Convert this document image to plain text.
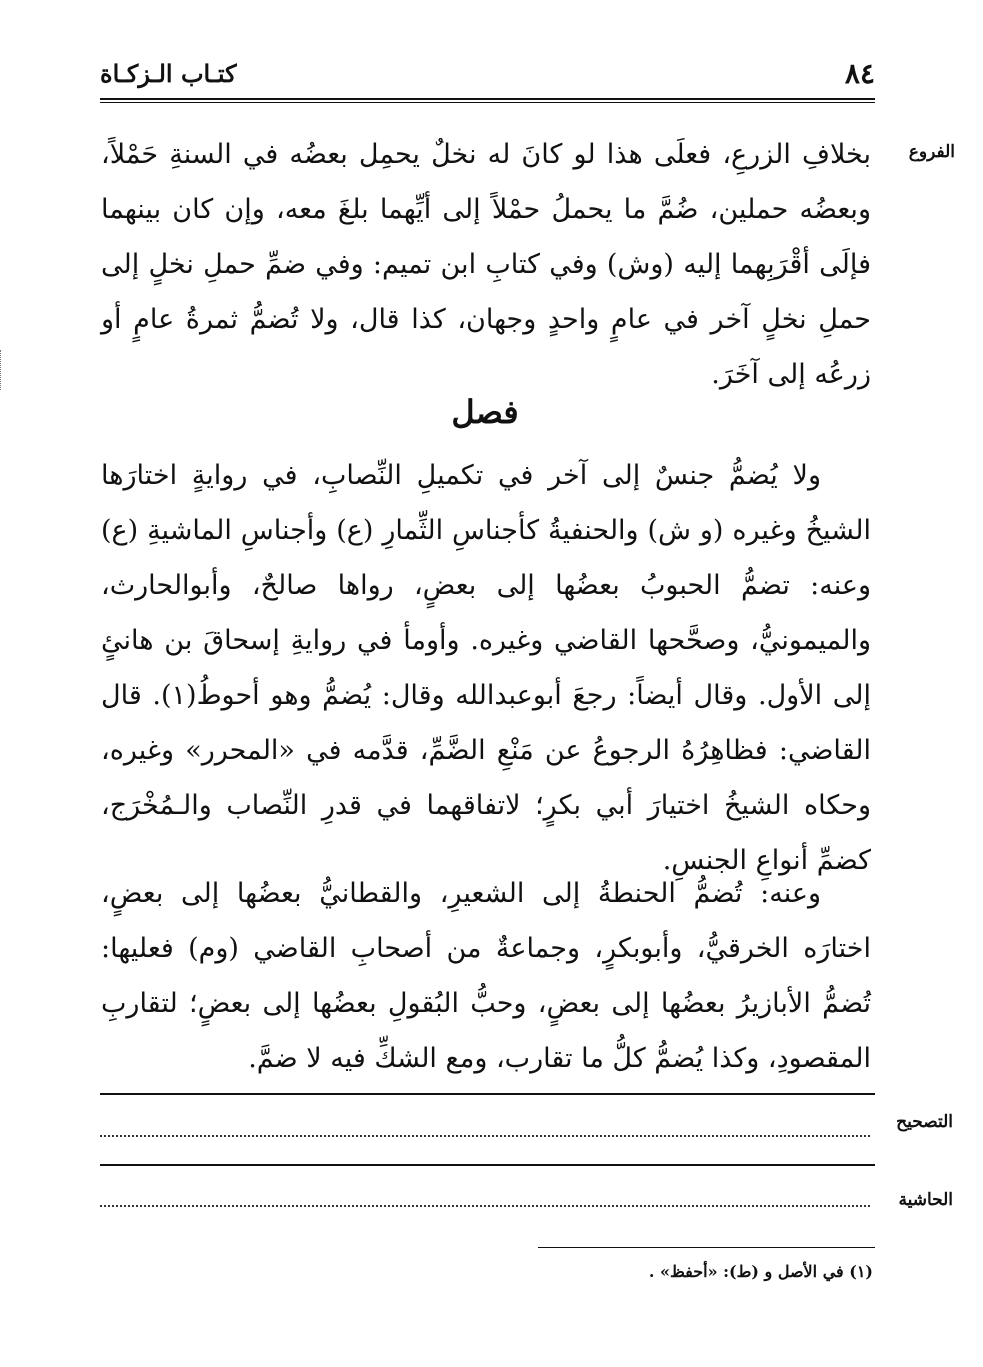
٨٤
كتـاب الـزكـاة
الفروع
بخلافِ الزرعِ، فعلَى هذا لو كانَ له نخلٌ يحمِل بعضُه في السنةِ حَمْلاً، وبعضُه حملين، ضُمَّ ما يحملُ حمْلاً إلى أيِّهما بلغَ معه، وإن كان بينهما فإلَى أقْرَبِهما إليه (وش) وفي كتابِ ابن تميم: وفي ضمِّ حملِ نخلٍ إلى حملِ نخلٍ آخر في عامٍ واحدٍ وجهان، كذا قال، ولا تُضمُّ ثمرةُ عامٍ أو زرعُه إلى آخَرَ.
فصل
ولا يُضمُّ جنسٌ إلى آخر في تكميلِ النِّصابِ، في روايةٍ اختارَها الشيخُ وغيره (و ش) والحنفيةُ كأجناسِ الثِّمارِ (ع) وأجناسِ الماشيةِ (ع) وعنه: تضمُّ الحبوبُ بعضُها إلى بعضٍ، رواها صالحٌ، وأبوالحارث، والميمونيُّ، وصحَّحها القاضي وغيره. وأومأ في روايةِ إسحاقَ بن هانئٍ إلى الأول. وقال أيضاً: رجعَ أبوعبدالله وقال: يُضمُّ وهو أحوطُ(١). قال القاضي: فظاهِرُهُ الرجوعُ عن مَنْعِ الضَّمِّ، قدَّمه في «المحرر» وغيره، وحكاه الشيخُ اختيارَ أبي بكرٍ؛ لاتفاقهما في قدرِ النِّصاب والـمُخْرَج، كضمِّ أنواعِ الجنسِ.
وعنه: تُضمُّ الحنطةُ إلى الشعيرِ، والقطانيُّ بعضُها إلى بعضٍ، اختارَه الخرقيُّ، وأبوبكرٍ، وجماعةٌ من أصحابِ القاضي (وم) فعليها: تُضمُّ الأبازيرُ بعضُها إلى بعضٍ، وحبُّ البُقولِ بعضُها إلى بعضٍ؛ لتقاربِ المقصودِ، وكذا يُضمُّ كلُّ ما تقارب، ومع الشكِّ فيه لا ضمَّ.
التصحيح
الحاشية
(١) في الأصل و (ط): «أحفظ» .
